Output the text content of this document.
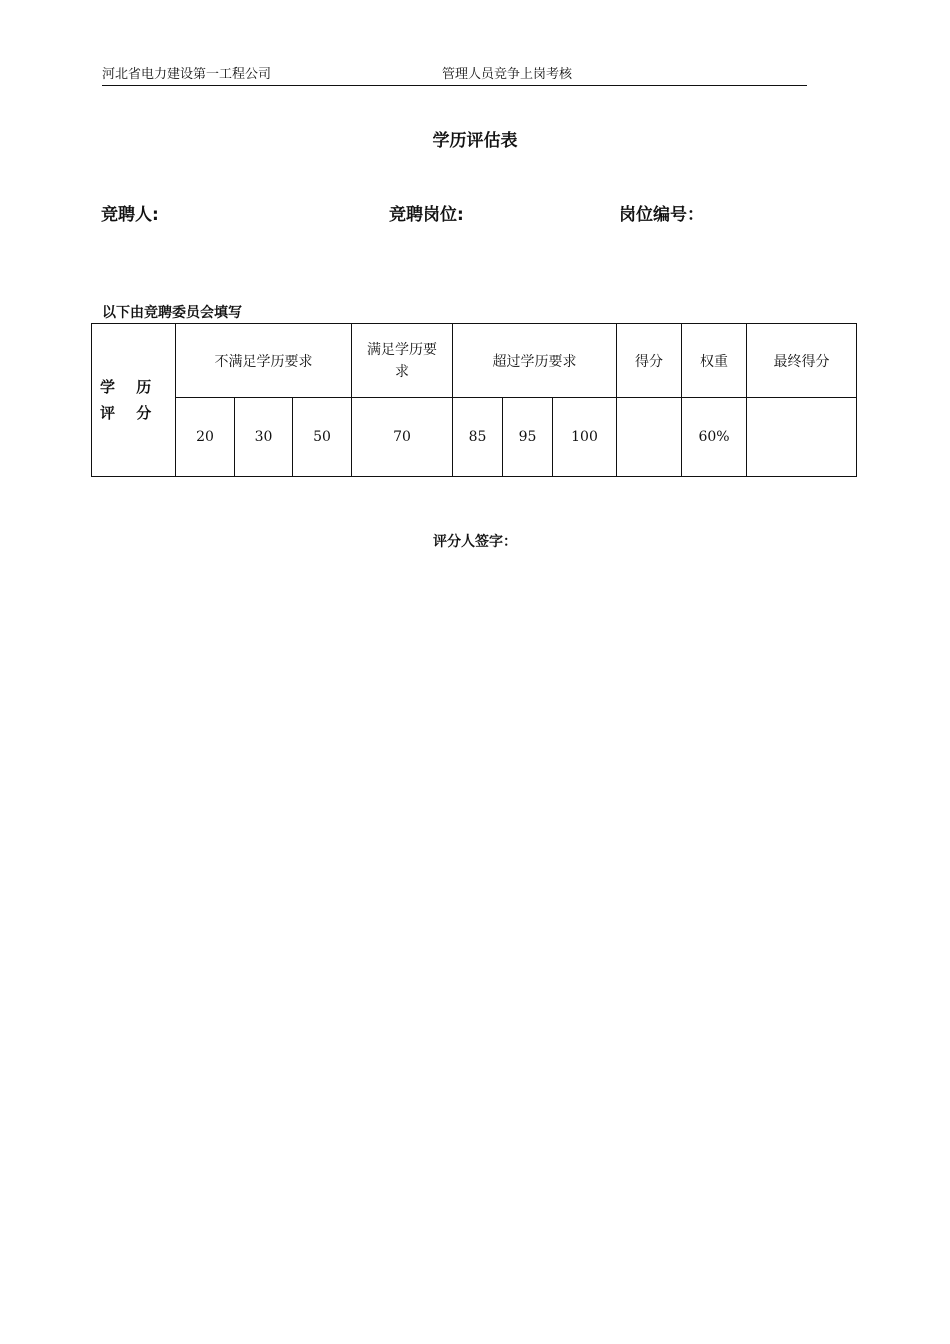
河北省电力建设第一工程公司	管理人员竞争上岗考核
学历评估表
竞聘人:	竞聘岗位:	岗位编号：
以下由竞聘委员会填写
学 历 评 分	不满足学历要求			满足学历要求	超过学历要求			得分	权重	最终得分
	20	30	50	70	85	95	100		60%	
评分人签字：
